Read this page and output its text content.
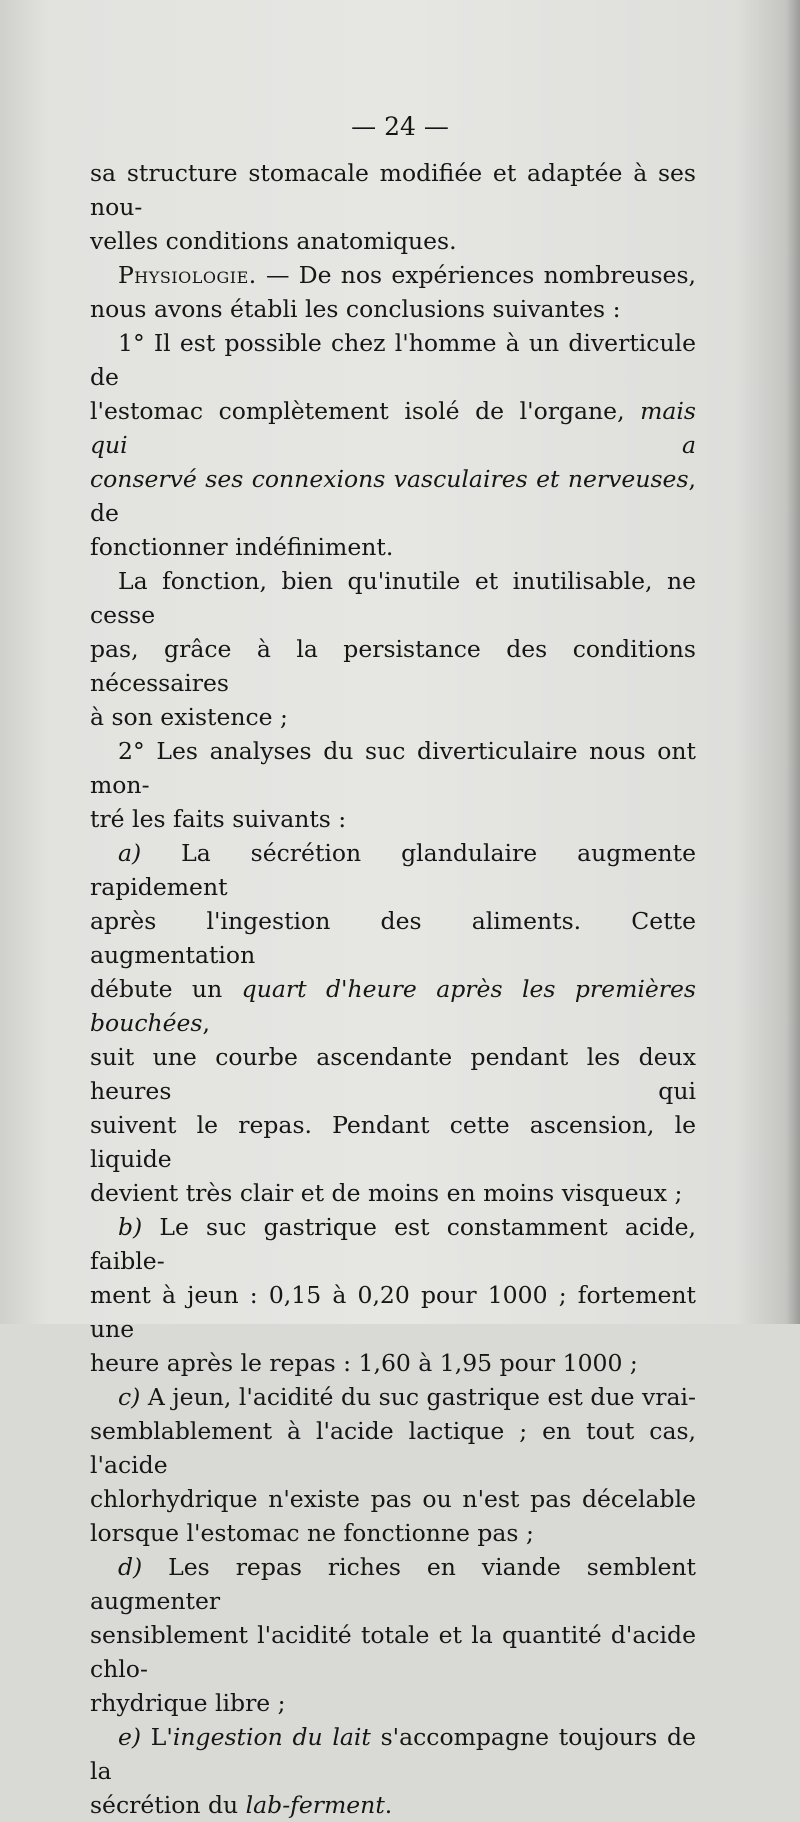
— 24 —

sa structure stomacale modifiée et adaptée à ses nou-
velles conditions anatomiques.

Physiologie. — De nos expériences nombreuses,
nous avons établi les conclusions suivantes :

1° Il est possible chez l'homme à un diverticule de
l'estomac complètement isolé de l'organe, mais qui a
conservé ses connexions vasculaires et nerveuses, de
fonctionner indéfiniment.

La fonction, bien qu'inutile et inutilisable, ne cesse
pas, grâce à la persistance des conditions nécessaires
à son existence ;

2° Les analyses du suc diverticulaire nous ont mon-
tré les faits suivants :

a) La sécrétion glandulaire augmente rapidement
après l'ingestion des aliments. Cette augmentation
débute un quart d'heure après les premières bouchées,
suit une courbe ascendante pendant les deux heures qui
suivent le repas. Pendant cette ascension, le liquide
devient très clair et de moins en moins visqueux ;

b) Le suc gastrique est constamment acide, faible-
ment à jeun : 0,15 à 0,20 pour 1000 ; fortement une
heure après le repas : 1,60 à 1,95 pour 1000 ;

c) A jeun, l'acidité du suc gastrique est due vrai-
semblablement à l'acide lactique ; en tout cas, l'acide
chlorhydrique n'existe pas ou n'est pas décelable
lorsque l'estomac ne fonctionne pas ;

d) Les repas riches en viande semblent augmenter
sensiblement l'acidité totale et la quantité d'acide chlo-
rhydrique libre ;

e) L'ingestion du lait s'accompagne toujours de la
sécrétion du lab-ferment.
